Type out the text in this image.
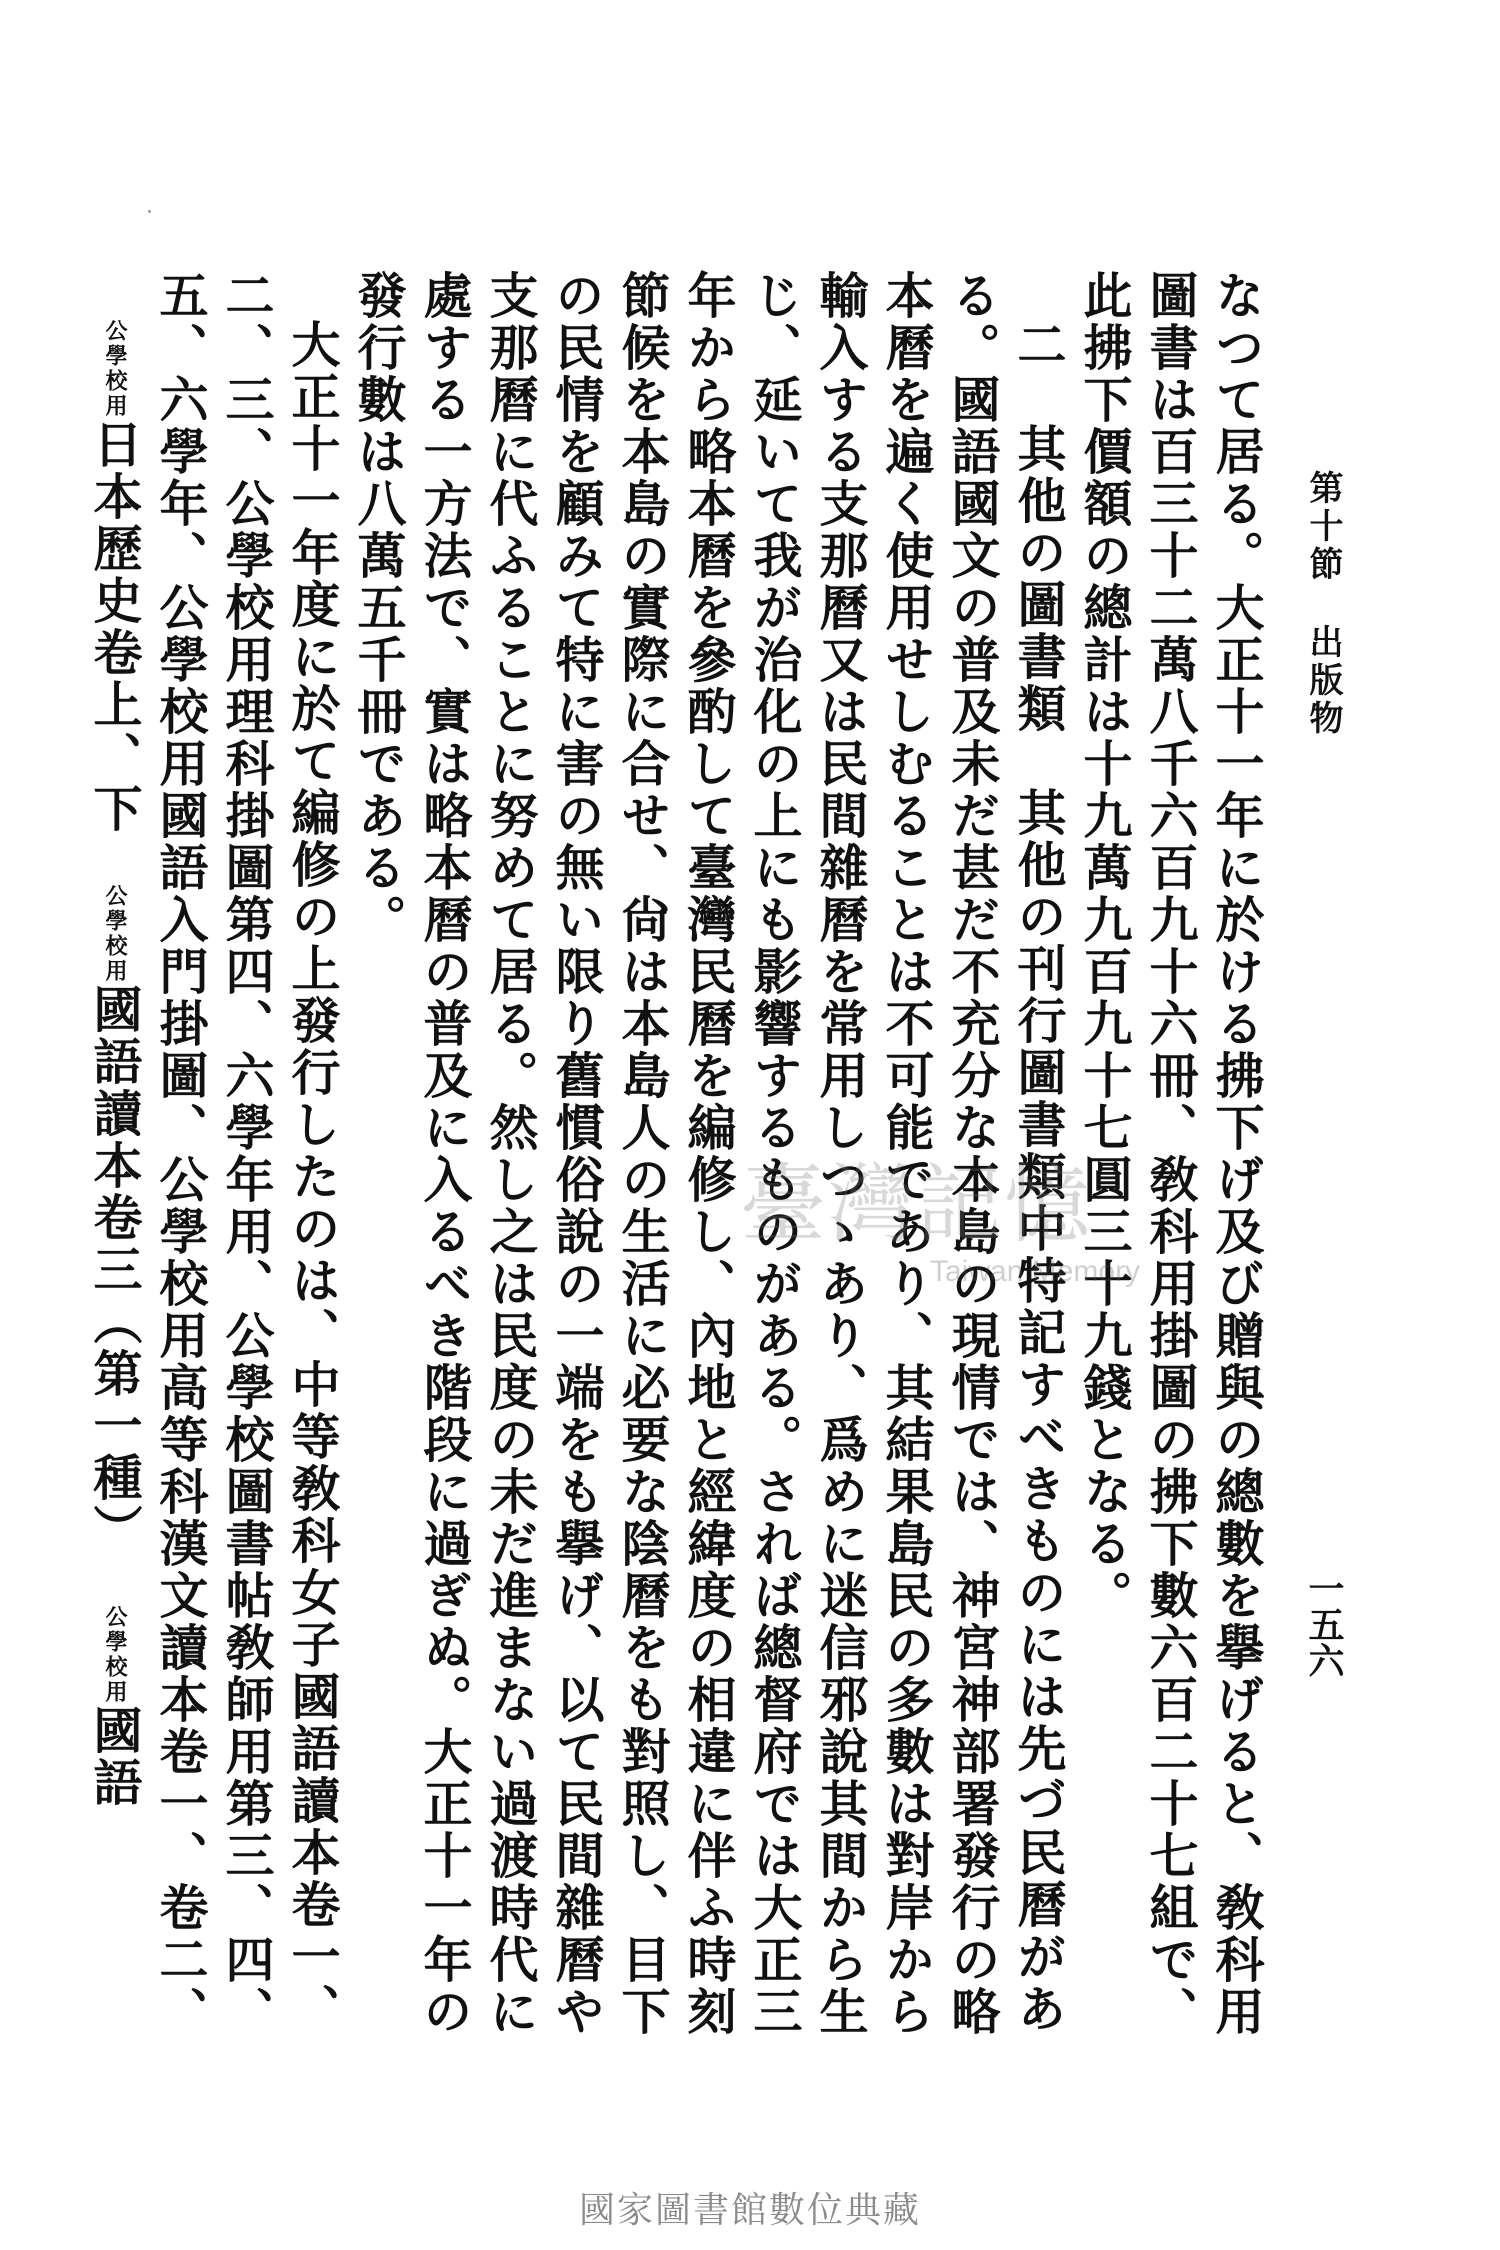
第十節出版物
一五六

なつて居る。大正十一年に於ける拂下げ及び贈與の總數を擧げると、敎科用圖書は百三十二萬八千六百九十六冊、敎科用掛圖の拂下數六百二十七組で、此拂下價額の總計は十九萬九百九十七圓三十九錢となる。

二　其他の圖書類　其他の刊行圖書類中特記すべきものには先づ民曆がある。國語國文の普及未だ甚だ不充分な本島の現情では、神宮神部署發行の略本曆を遍く使用せしむることは不可能であり、其結果島民の多數は對岸から輸入する支那曆又は民間雜曆を常用しつゝあり、爲めに迷信邪說其間から生じ、延いて我が治化の上にも影響するものがある。されば總督府では大正三年から略本曆を參酌して臺灣民曆を編修し、內地と經緯度の相違に伴ふ時刻節候を本島の實際に合せ、尙は本島人の生活に必要な陰曆をも對照し、目下の民情を顧みて特に害の無い限り舊慣俗說の一端をも擧げ、以て民間雜曆や支那曆に代ふることに努めて居る。然し之は民度の未だ進まない過渡時代に處する一方法で、實は略本曆の普及に入るべき階段に過ぎぬ。大正十一年の發行數は八萬五千冊である。

大正十一年度に於て編修の上發行したのは、中等敎科女子國語讀本卷一、二、三、公學校用理科掛圖第四、六學年用、公學校圖書帖敎師用第三、四、五、六學年、公學校用國語入門掛圖、公學校用高等科漢文讀本卷一、卷二、公學校用日本歷史卷上、下公學校用國語讀本卷三（第一種）公學校用國語

臺灣記憶
Taiwan Memory
國家圖書館數位典藏
